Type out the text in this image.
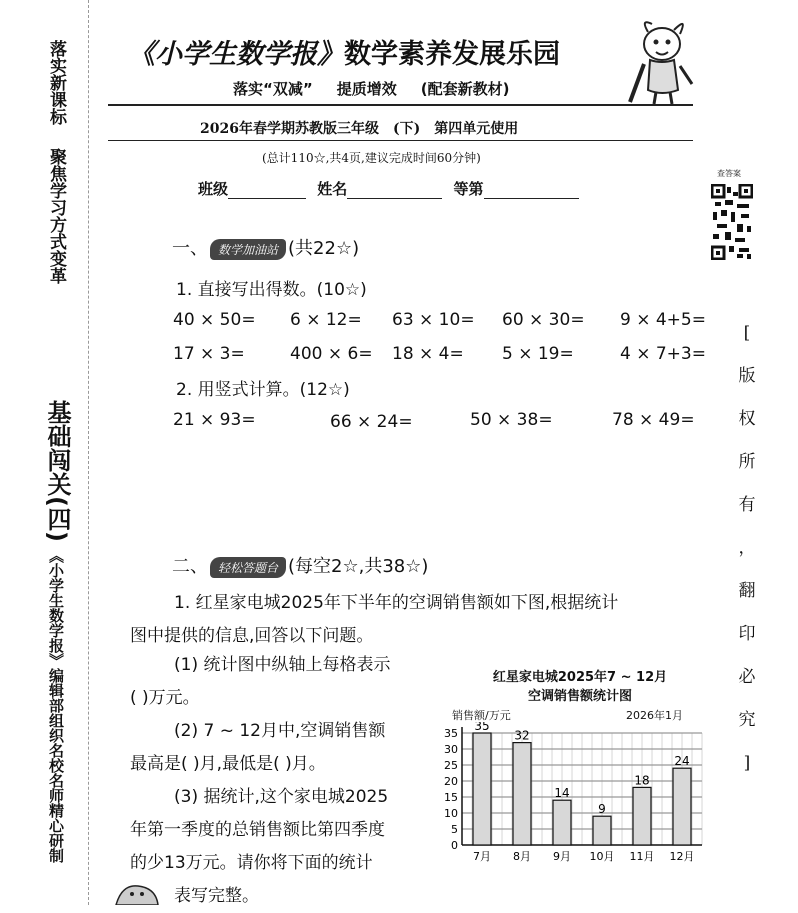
聚焦学习方式变革
落实新课标
基础闯关(四)
《小学生数学报》编辑部组织名校名师精心研制
《小学生数学报》数学素养发展乐园
落实“双减” 提质增效 (配套新教材)
2026年春学期苏教版三年级 (下) 第四单元使用
(总计110☆,共4页,建议完成时间60分钟)
班级	姓名	等第
查答案
[
版
权
所
有
，
翻
印
必
究
]
一、 数学加油站 (共22☆)
1. 直接写出得数。(10☆)
40 × 50= 6 × 12= 63 × 10= 60 × 30= 9 × 4+5=
17 × 3=	400 × 6= 18 × 4= 5 × 19=	4 × 7+3=
2. 用竖式计算。(12☆)
21 × 93=	66 × 24=	50 × 38=	78 × 49=
二、 轻松答题台 (每空2☆,共38☆)
1. 红星家电城2025年下半年的空调销售额如下图,根据统计
图中提供的信息,回答以下问题。
(1) 统计图中纵轴上每格表示
( )万元。
(2) 7 ~ 12月中,空调销售额
最高是( )月,最低是( )月。
(3) 据统计,这个家电城2025
年第一季度的总销售额比第四季度
的少13万元。请你将下面的统计
表写完整。
红星家电城2025年7 ~ 12月
空调销售额统计图
销售额/万元	2026年1月
0
5
10
15
20
25
30
35
35
7月
32
8月
14
9月
9
10月
18
11月
24
12月
